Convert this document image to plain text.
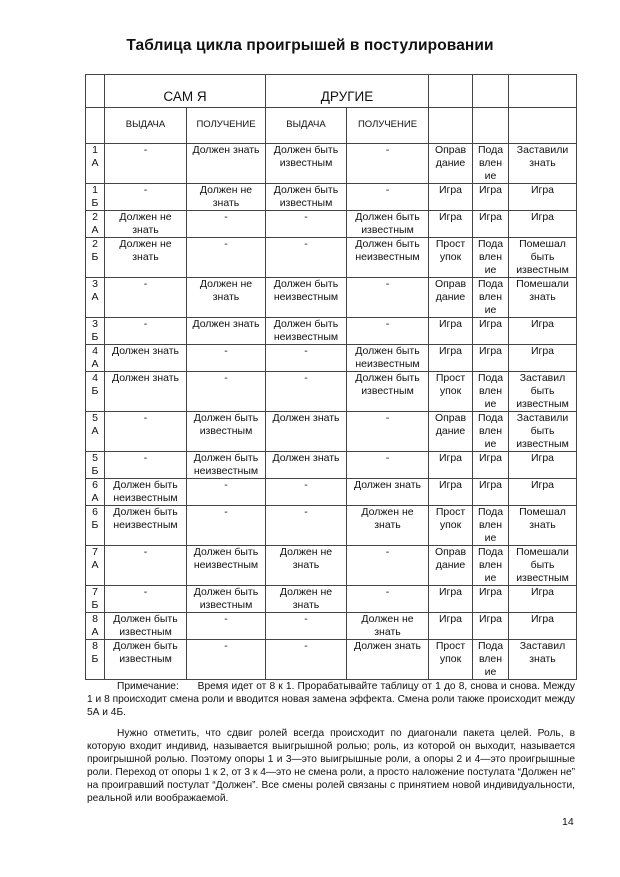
Таблица цикла проигрышей в постулировании
	САМ Я		ДРУГИЕ				
	ВЫДАЧА	ПОЛУЧЕНИЕ	ВЫДАЧА	ПОЛУЧЕНИЕ			

1
А	-	Должен знать	Должен быть известным	-	Оправ дание	Пода влен ие	Заставили знать

1
Б	-	Должен не знать	Должен быть известным	-	Игра	Игра	Игра

2
А	Должен не знать	-	-	Должен быть известным	Игра	Игра	Игра

2
Б	Должен не знать	-	-	Должен быть неизвестным	Прост упок	Пода влен ие	Помешал быть известным

3
А	-	Должен не знать	Должен быть неизвестным	-	Оправ дание	Пода влен ие	Помешали знать

3
Б	-	Должен знать	Должен быть неизвестным	-	Игра	Игра	Игра

4
А	Должен знать	-	-	Должен быть неизвестным	Игра	Игра	Игра

4
Б	Должен знать	-	-	Должен быть известным	Прост упок	Пода влен ие	Заставил быть известным

5
А	-	Должен быть известным	Должен знать	-	Оправ дание	Пода влен ие	Заставили быть известным

5
Б	-	Должен быть неизвестным	Должен знать	-	Игра	Игра	Игра

6
А	Должен быть неизвестным	-	-	Должен знать	Игра	Игра	Игра

6
Б	Должен быть неизвестным	-	-	Должен не знать	Прост упок	Пода влен ие	Помешал знать

7
А	-	Должен быть неизвестным	Должен не знать	-	Оправ дание	Пода влен ие	Помешали быть известным

7
Б	-	Должен быть известным	Должен не знать	-	Игра	Игра	Игра

8
А	Должен быть известным	-	-	Должен не знать	Игра	Игра	Игра

8
Б	Должен быть известным	-	-	Должен знать	Прост упок	Пода влен ие	Заставил знать

Примечание:      Время идет от 8 к 1. Прорабатывайте таблицу от 1 до 8, снова и снова. Между 1 и 8 происходит смена роли и вводится новая замена эффекта. Смена роли также происходит между 5А и 4Б.

Нужно отметить, что сдвиг ролей всегда происходит по диагонали пакета целей. Роль, в которую входит индивид, называется выигрышной ролью; роль, из которой он выходит, называется проигрышной ролью. Поэтому опоры 1 и 3—это выигрышные роли, а опоры 2 и 4—это проигрышные роли. Переход от опоры 1 к 2, от 3 к 4—это не смена роли, а просто наложение постулата “Должен не” на проигравший постулат “Должен”. Все смены ролей связаны с принятием новой индивидуальности, реальной или воображаемой.

14
